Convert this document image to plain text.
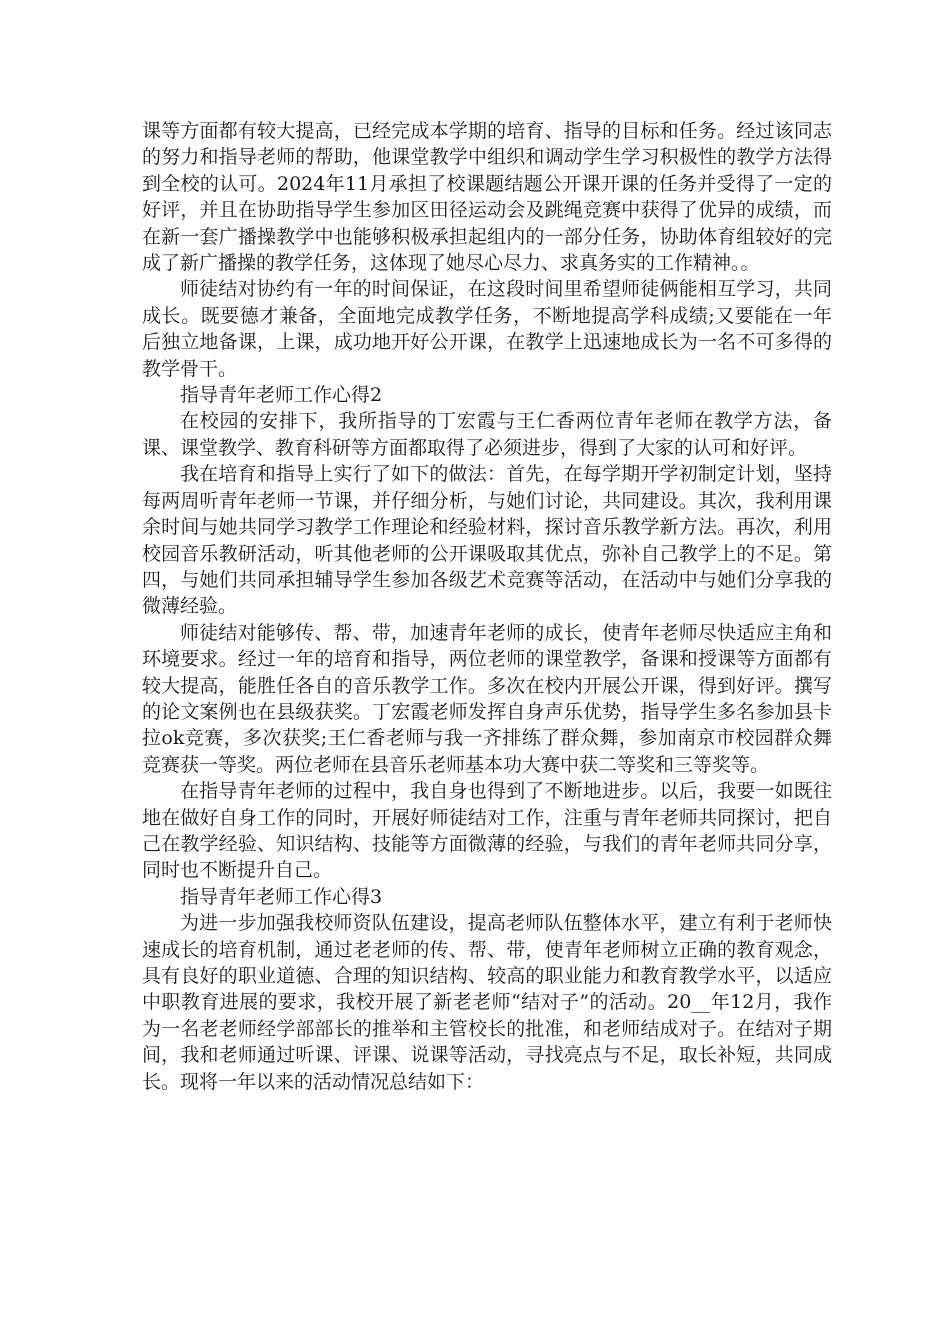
课等方面都有较大提高，已经完成本学期的培育、指导的目标和任务。经过该同志的努力和指导老师的帮助，他课堂教学中组织和调动学生学习积极性的教学方法得到全校的认可。2024年11月承担了校课题结题公开课开课的任务并受得了一定的好评，并且在协助指导学生参加区田径运动会及跳绳竞赛中获得了优异的成绩，而在新一套广播操教学中也能够积极承担起组内的一部分任务，协助体育组较好的完成了新广播操的教学任务，这体现了她尽心尽力、求真务实的工作精神。。

师徒结对协约有一年的时间保证，在这段时间里希望师徒俩能相互学习，共同成长。既要德才兼备，全面地完成教学任务，不断地提高学科成绩;又要能在一年后独立地备课，上课，成功地开好公开课，在教学上迅速地成长为一名不可多得的教学骨干。

指导青年老师工作心得2

在校园的安排下，我所指导的丁宏霞与王仁香两位青年老师在教学方法，备课、课堂教学、教育科研等方面都取得了必须进步，得到了大家的认可和好评。

我在培育和指导上实行了如下的做法：首先，在每学期开学初制定计划，坚持每两周听青年老师一节课，并仔细分析，与她们讨论，共同建设。其次，我利用课余时间与她共同学习教学工作理论和经验材料，探讨音乐教学新方法。再次，利用校园音乐教研活动，听其他老师的公开课吸取其优点，弥补自己教学上的不足。第四，与她们共同承担辅导学生参加各级艺术竞赛等活动，在活动中与她们分享我的微薄经验。

师徒结对能够传、帮、带，加速青年老师的成长，使青年老师尽快适应主角和环境要求。经过一年的培育和指导，两位老师的课堂教学，备课和授课等方面都有较大提高，能胜任各自的音乐教学工作。多次在校内开展公开课，得到好评。撰写的论文案例也在县级获奖。丁宏霞老师发挥自身声乐优势，指导学生多名参加县卡拉ok竞赛，多次获奖;王仁香老师与我一齐排练了群众舞，参加南京市校园群众舞竞赛获一等奖。两位老师在县音乐老师基本功大赛中获二等奖和三等奖等。

在指导青年老师的过程中，我自身也得到了不断地进步。以后，我要一如既往地在做好自身工作的同时，开展好师徒结对工作，注重与青年老师共同探讨，把自己在教学经验、知识结构、技能等方面微薄的经验，与我们的青年老师共同分享，同时也不断提升自己。

指导青年老师工作心得3

为进一步加强我校师资队伍建设，提高老师队伍整体水平，建立有利于老师快速成长的培育机制，通过老老师的传、帮、带，使青年老师树立正确的教育观念，具有良好的职业道德、合理的知识结构、较高的职业能力和教育教学水平，以适应中职教育进展的要求，我校开展了新老老师“结对子”的活动。20__年12月，我作为一名老老师经学部部长的推举和主管校长的批准，和老师结成对子。在结对子期间，我和老师通过听课、评课、说课等活动，寻找亮点与不足，取长补短，共同成长。现将一年以来的活动情况总结如下：
